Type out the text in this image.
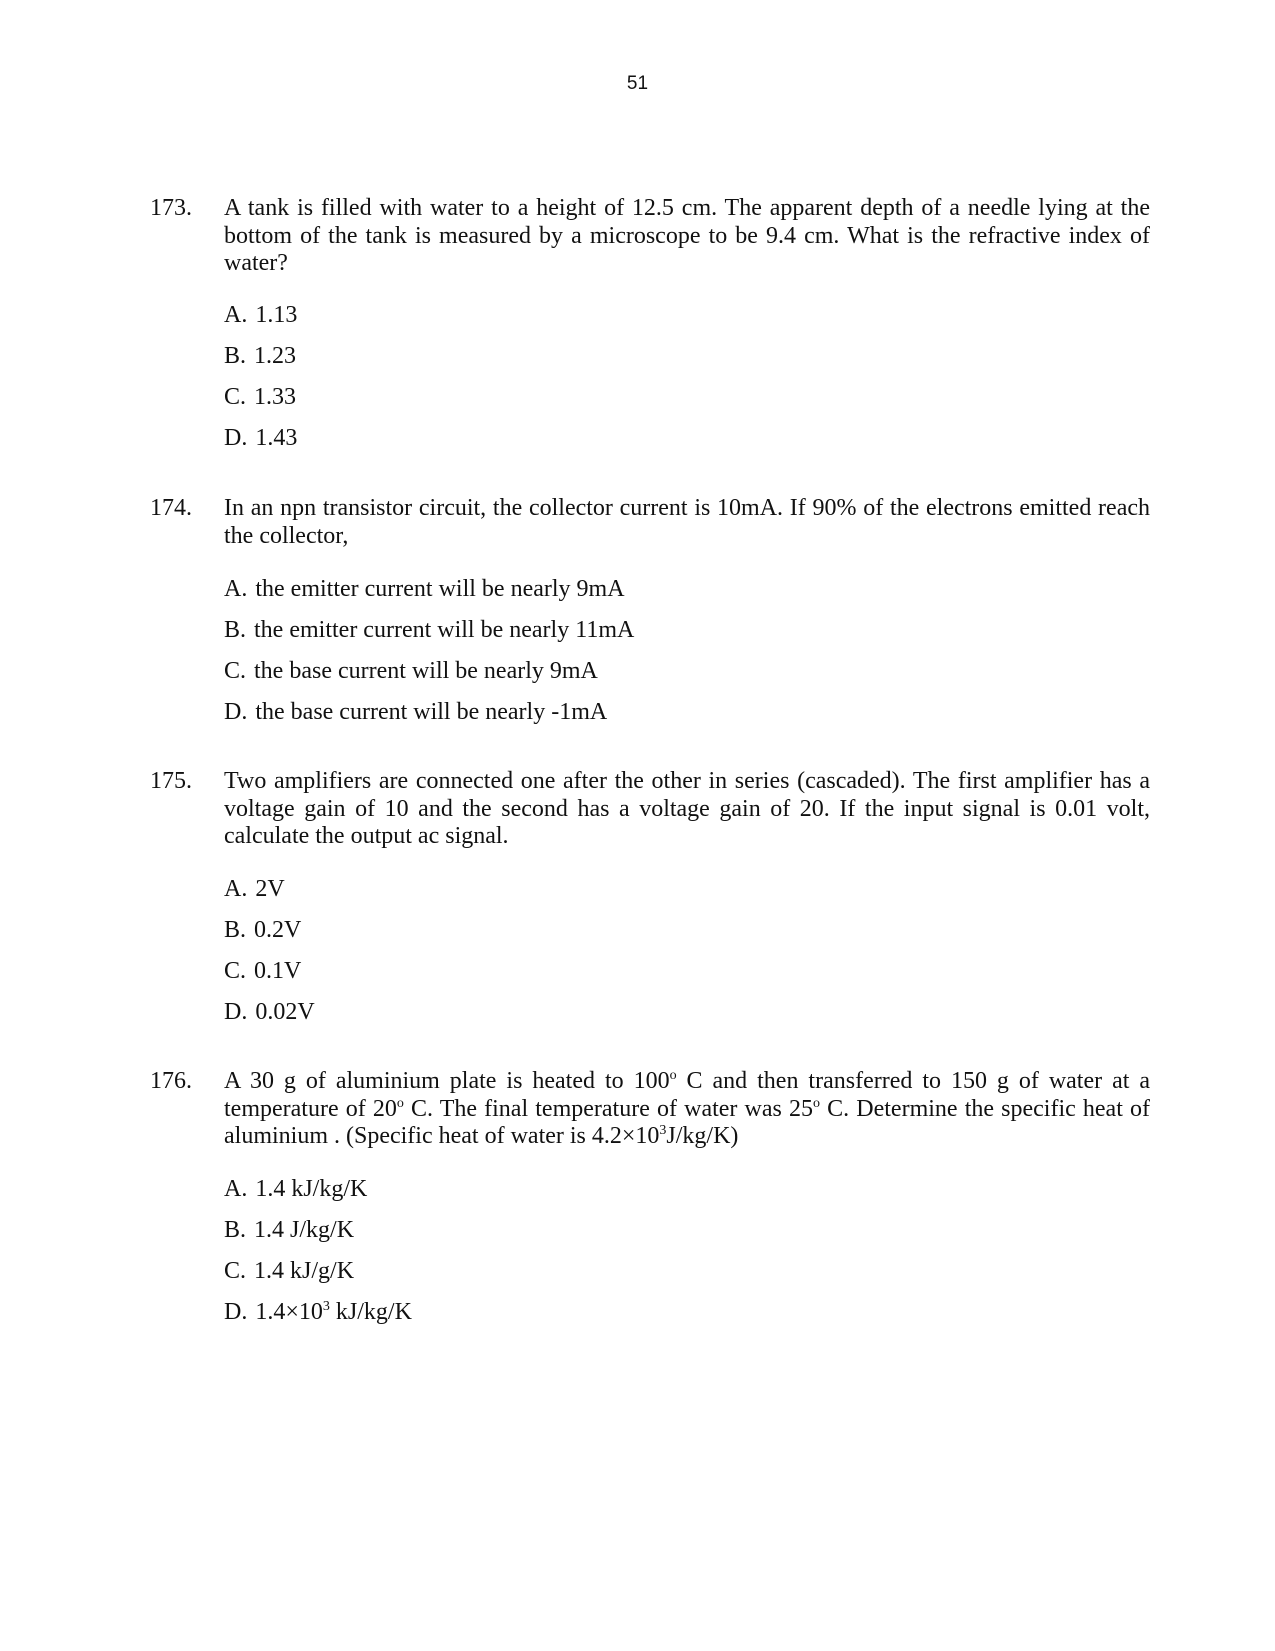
51
173. A tank is filled with water to a height of 12.5 cm. The apparent depth of a needle lying at the bottom of the tank is measured by a microscope to be 9.4 cm. What is the refractive index of water?
A. 1.13
B. 1.23
C. 1.33
D. 1.43
174. In an npn transistor circuit, the collector current is 10mA. If 90% of the electrons emitted reach the collector,
A. the emitter current will be nearly 9mA
B. the emitter current will be nearly 11mA
C. the base current will be nearly 9mA
D. the base current will be nearly -1mA
175. Two amplifiers are connected one after the other in series (cascaded). The first amplifier has a voltage gain of 10 and the second has a voltage gain of 20. If the input signal is 0.01 volt, calculate the output ac signal.
A. 2V
B. 0.2V
C. 0.1V
D. 0.02V
176. A 30 g of aluminium plate is heated to 100$^o$ C and then transferred to 150 g of water at a temperature of 20$^o$ C. The final temperature of water was 25$^o$ C. Determine the specific heat of aluminium . (Specific heat of water is $4.2\times 10^3J/kg/K$)
A. 1.4 kJ/kg/K
B. 1.4 J/kg/K
C. 1.4 kJ/g/K
D. $1.4\times 10^3$ kJ/kg/K
